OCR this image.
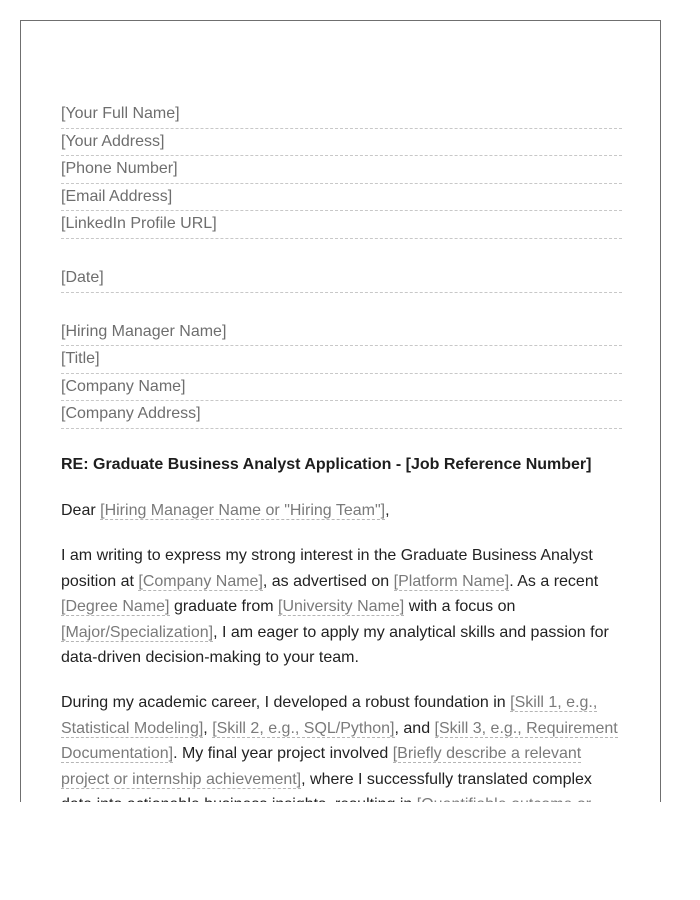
[Your Full Name]
[Your Address]
[Phone Number]
[Email Address]
[LinkedIn Profile URL]
[Date]
[Hiring Manager Name]
[Title]
[Company Name]
[Company Address]
RE: Graduate Business Analyst Application - [Job Reference Number]
Dear [Hiring Manager Name or "Hiring Team"],
I am writing to express my strong interest in the Graduate Business Analyst position at [Company Name], as advertised on [Platform Name]. As a recent [Degree Name] graduate from [University Name] with a focus on [Major/Specialization], I am eager to apply my analytical skills and passion for data-driven decision-making to your team.
During my academic career, I developed a robust foundation in [Skill 1, e.g., Statistical Modeling], [Skill 2, e.g., SQL/Python], and [Skill 3, e.g., Requirement Documentation]. My final year project involved [Briefly describe a relevant project or internship achievement], where I successfully translated complex
